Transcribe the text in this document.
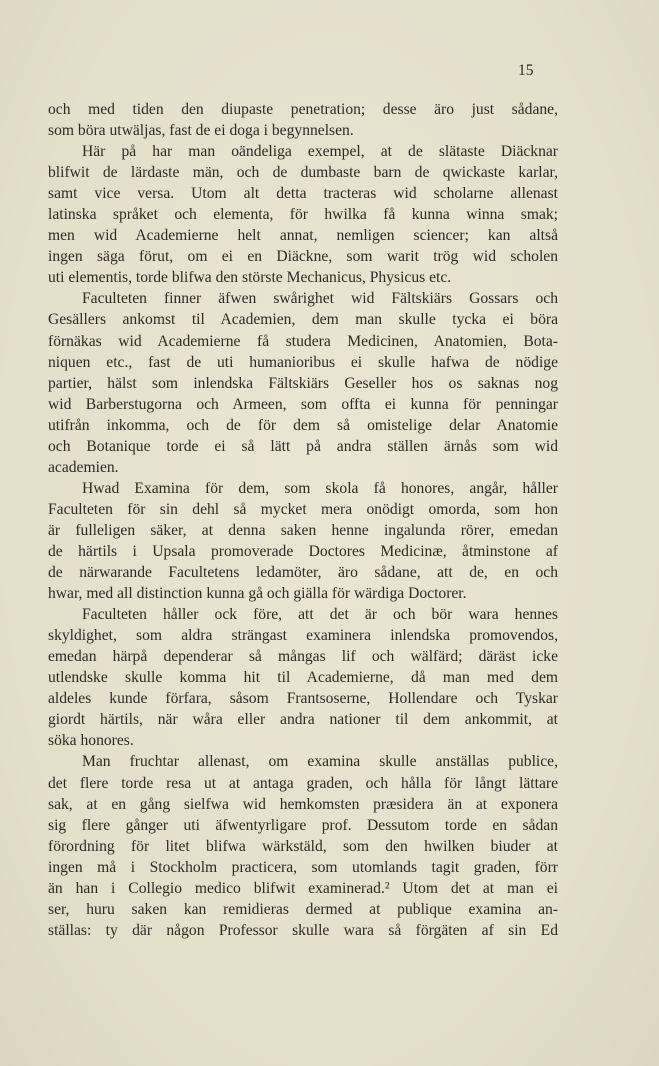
15
och med tiden den diupaste penetration; desse äro just sådane,
som böra utwäljas, fast de ei doga i begynnelsen.
Här på har man oändeliga exempel, at de slätaste Diäcknar
blifwit de lärdaste män, och de dumbaste barn de qwickaste karlar,
samt vice versa. Utom alt detta tracteras wid scholarne allenast
latinska språket och elementa, för hwilka få kunna winna smak;
men wid Academierne helt annat, nemligen sciencer; kan altså
ingen säga förut, om ei en Diäckne, som warit trög wid scholen
uti elementis, torde blifwa den störste Mechanicus, Physicus etc.
Faculteten finner äfwen swårighet wid Fältskiärs Gossars och
Gesällers ankomst til Academien, dem man skulle tycka ei böra
förnäkas wid Academierne få studera Medicinen, Anatomien, Bota-
niquen etc., fast de uti humanioribus ei skulle hafwa de nödige
partier, hälst som inlendska Fältskiärs Geseller hos os saknas nog
wid Barberstugorna och Armeen, som offta ei kunna för penningar
utifrån inkomma, och de för dem så omistelige delar Anatomie
och Botanique torde ei så lätt på andra ställen ärnås som wid
academien.
Hwad Examina för dem, som skola få honores, angår, håller
Faculteten för sin dehl så mycket mera onödigt omorda, som hon
är fulleligen säker, at denna saken henne ingalunda rörer, emedan
de härtils i Upsala promoverade Doctores Medicinæ, åtminstone af
de närwarande Facultetens ledamöter, äro sådane, att de, en och
hwar, med all distinction kunna gå och giälla för wärdiga Doctorer.
Faculteten håller ock före, att det är och bör wara hennes
skyldighet, som aldra strängast examinera inlendska promovendos,
emedan härpå dependerar så mångas lif och wälfärd; däräst icke
utlendske skulle komma hit til Academierne, då man med dem
aldeles kunde förfara, såsom Frantsoserne, Hollendare och Tyskar
giordt härtils, när wåra eller andra nationer til dem ankommit, at
söka honores.
Man fruchtar allenast, om examina skulle anställas publice,
det flere torde resa ut at antaga graden, och hålla för långt lättare
sak, at en gång sielfwa wid hemkomsten præsidera än at exponera
sig flere gånger uti äfwentyrligare prof. Dessutom torde en sådan
förordning för litet blifwa wärkstäld, som den hwilken biuder at
ingen må i Stockholm practicera, som utomlands tagit graden, förr
än han i Collegio medico blifwit examinerad.² Utom det at man ei
ser, huru saken kan remidieras dermed at publique examina an-
ställas: ty där någon Professor skulle wara så förgäten af sin Ed
